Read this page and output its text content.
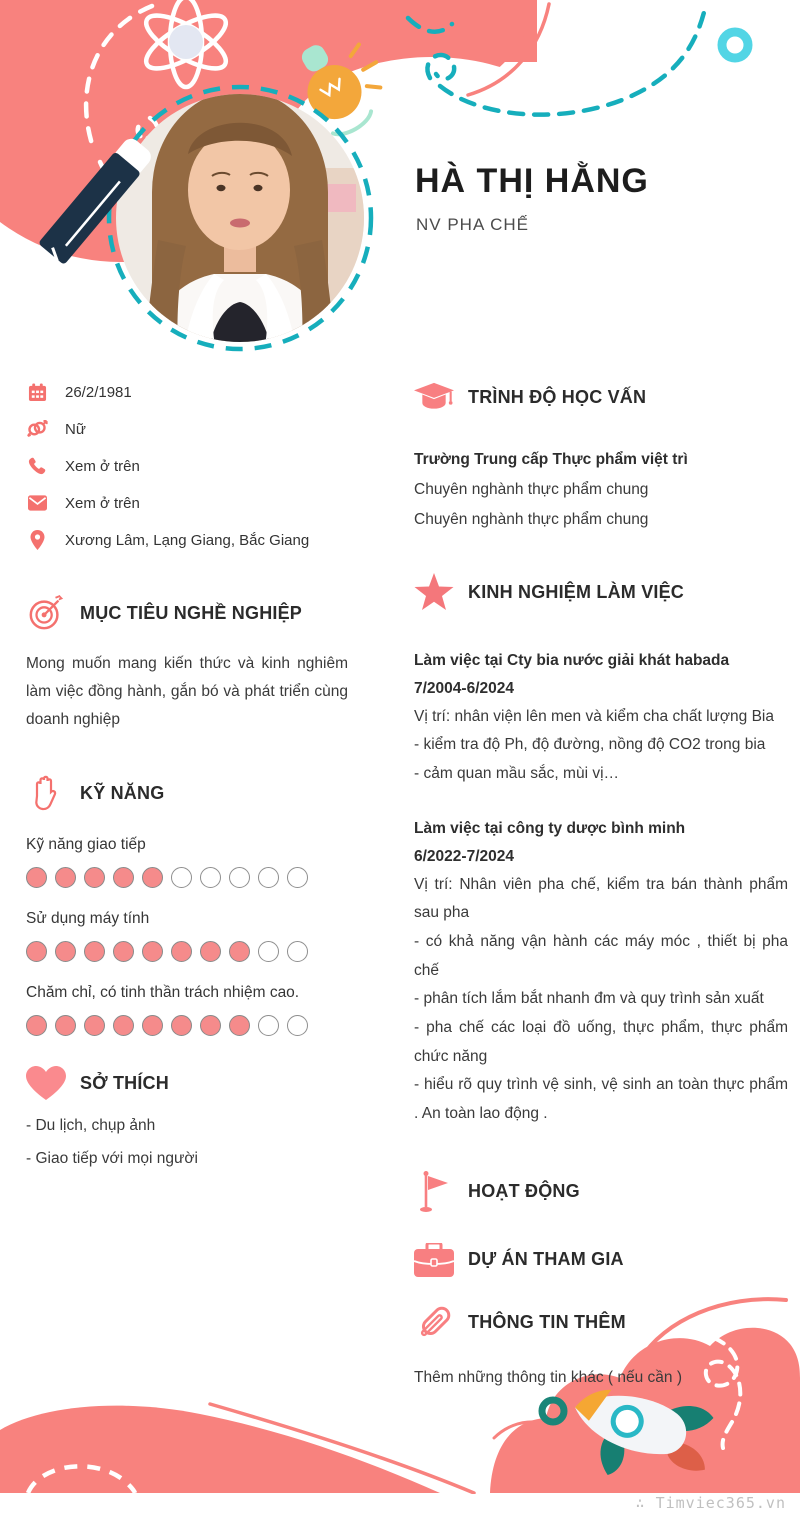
HÀ THỊ HẰNG
NV PHA CHẾ
26/2/1981
Nữ
Xem ở trên
Xem ở trên
Xương Lâm, Lạng Giang, Bắc Giang
MỤC TIÊU NGHỀ NGHIỆP

Mong muốn mang kiến thức và kinh nghiêm làm việc đồng hành, gắn bó và phát triển cùng doanh nghiệp

KỸ NĂNG
Kỹ năng giao tiếp
Sử dụng máy tính
Chăm chỉ, có tinh thần trách nhiệm cao.
SỞ THÍCH
- Du lịch, chụp ảnh
- Giao tiếp với mọi người
TRÌNH ĐỘ HỌC VẤN
Trường Trung cấp Thực phẩm việt trì
Chuyên nghành thực phẩm chung
Chuyên nghành thực phẩm chung
KINH NGHIỆM LÀM VIỆC
Làm việc tại Cty bia nước giải khát habada
7/2004-6/2024
Vị trí: nhân viện lên men và kiểm cha chất lượng Bia
- kiểm tra độ Ph, độ đường, nồng độ CO2 trong bia
- cảm quan mầu sắc, mùi vị…
Làm việc tại công ty dược bình minh
6/2022-7/2024
Vị trí: Nhân viên pha chế, kiểm tra bán thành phẩm sau pha
- có khả năng vận hành các máy móc , thiết bị pha chế
- phân tích lắm bắt nhanh đm và quy trình sản xuất
- pha chế các loại đồ uống, thực phẩm, thực phẩm chức năng
- hiểu rõ quy trình vệ sinh, vệ sinh an toàn thực phẩm . An toàn lao động .
HOẠT ĐỘNG
DỰ ÁN THAM GIA
THÔNG TIN THÊM
Thêm những thông tin khác ( nếu cần )
∴ Timviec365.vn
